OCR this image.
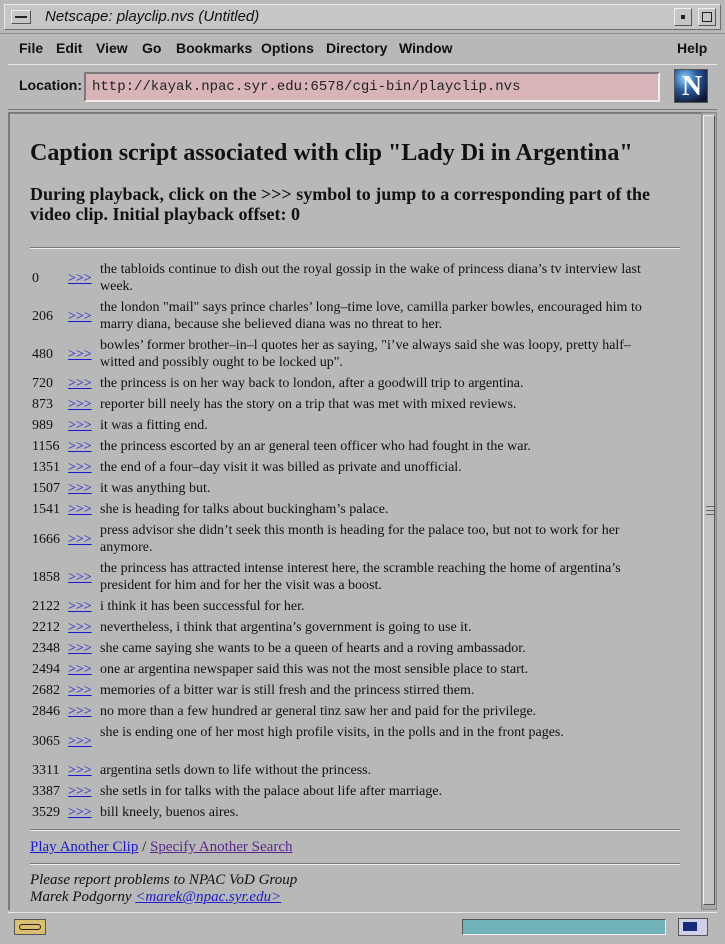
Netscape: playclip.nvs (Untitled)
File Edit View Go Bookmarks Options Directory Window	Help
Location: http://kayak.npac.syr.edu:6578/cgi-bin/playclip.nvs	N
Caption script associated with clip "Lady Di in Argentina"

During playback, click on the >>> symbol to jump to a corresponding part of the video clip. Initial playback offset: 0

0	>>>
the tabloids continue to dish out the royal gossip in the wake of princess diana’s tv interview last week.
206	>>>
the london "mail" says prince charles’ long–time love, camilla parker bowles, encouraged him to marry diana, because she believed diana was no threat to her.
480	>>>
bowles’ former brother–in–l quotes her as saying, "i’ve always said she was loopy, pretty half–witted and possibly ought to be locked up".
720	>>> the princess is on her way back to london, after a goodwill trip to argentina.
873	>>> reporter bill neely has the story on a trip that was met with mixed reviews.
989	>>> it was a fitting end.
1156 >>> the princess escorted by an ar general teen officer who had fought in the war.
1351 >>> the end of a four–day visit it was billed as private and unofficial.
1507 >>> it was anything but.
1541 >>> she is heading for talks about buckingham’s palace.
1666 >>>
press advisor she didn’t seek this month is heading for the palace too, but not to work for her anymore.
1858 >>>
the princess has attracted intense interest here, the scramble reaching the home of argentina’s president for him and for her the visit was a boost.
2122 >>> i think it has been successful for her.
2212 >>> nevertheless, i think that argentina’s government is going to use it.
2348 >>> she came saying she wants to be a queen of hearts and a roving ambassador.
2494 >>> one ar argentina newspaper said this was not the most sensible place to start.
2682 >>> memories of a bitter war is still fresh and the princess stirred them.
2846 >>> no more than a few hundred ar general tinz saw her and paid for the privilege.
3065 >>>
she is ending one of her most high profile visits, in the polls and in the front pages.
3311 >>> argentina setls down to life without the princess.
3387 >>> she setls in for talks with the palace about life after marriage.
3529 >>> bill kneely, buenos aires.
Play Another Clip / Specify Another Search
Please report problems to NPAC VoD Group
Marek Podgorny <marek@npac.syr.edu>
